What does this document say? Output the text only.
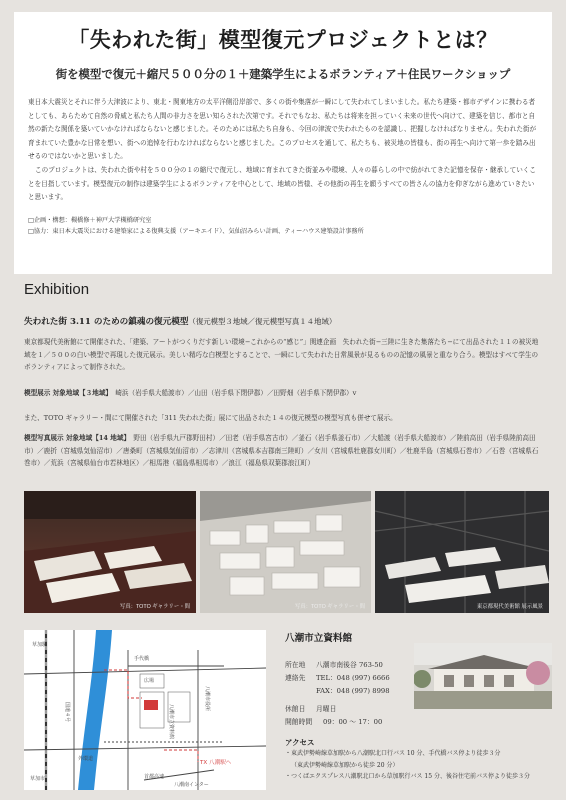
「失われた街」模型復元プロジェクトとは？
街を模型で復元＋縮尺５００分の１＋建築学生によるボランティア＋住民ワークショップ

東日本大震災とそれに伴う大津波により、東北・関東地方の太平洋側沿岸部で、多くの街や集落が一瞬にして失われてしまいました。私たち建築・都市デザインに携わる者としても、あらためて自然の脅威と私たち人間の非力さを思い知らされた次第です。それでもなお、私たちは将来を担っていく未来の世代へ向けて、建築を信じ、都市と自然の新たな関係を築いていかなければならないと感じました。そのためには私たち自身も、今回の津波で失われたものを認識し、把握しなければなりません。失われた街が育まれていた豊かな日常を想い、街への追悼を行わなければならないと感じました。このプロセスを通して、私たちも、被災地の皆様も、街の再生へ向けて第一歩を踏み出せるのではないかと思いました。

このプロジェクトは、失われた街や村を５００分の１の縮尺で復元し、地域に育まれてきた街並みや環境、人々の暮らしの中で紡がれてきた記憶を保存・継承していくことを目指しています。模型復元の制作は建築学生によるボランティアを中心として、地域の皆様、その他街の再生を願うすべての皆さんの協力を仰ぎながら進めていきたいと思います。

□企画・構想：槻橋修＋神戸大学槻橋研究室
□協力：東日本大震災における建築家による復興支援（アーキエイド）、気仙沼みらい計画、ティーハウス建築設計事務所
Exhibition
失われた街 3.11 のための鎮魂の復元模型（復元模型３地域／復元模型写真１４地域）

東京都現代美術館にて開催された、「建築、アートがつくりだす新しい環境−これからの“感じ”」関連企画　失われた街−三陸に生きた集落たち−にて出品された１１の被災地域を１／５００の白い模型で再現した復元展示。美しい精巧な白模型とすることで、一瞬にして失われた日常風景が見るものの記憶の風景と重なり合う。模型はすべて学生のボランティアによって制作された。

模型展示 対象地域【３地域】　 崎浜（岩手県大船渡市）／山田（岩手県下閉伊郡）／田野畑（岩手県下閉伊郡）v

また、TOTO ギャラリー・間にて開催された「311 失われた街」展にて出品された１４の復元模型の模型写真も併せて展示。

模型写真展示 対象地域【14 地域】　 野田（岩手県九戸郡野田村）／田老（岩手県宮古市）／釜石（岩手県釜石市）／大船渡（岩手県大船渡市）／陸前高田（岩手県陸前高田市）／鹿折（宮城県気仙沼市）／唐桑町（宮城県気仙沼市）／志津川（宮城県本吉郡南三陸町）／女川（宮城県牡鹿郡女川町）／牡鹿半島（宮城県石巻市）／石巻（宮城県石巻市）／荒浜（宮城県仙台市若林地区）／相馬港（福島県相馬市）／浪江（福島県双葉郡浪江町）

写真：TOTO ギャラリー・間	写真：TOTO ギャラリー・間	東京都現代美術館 展示風景
草加駅
草加市
外環道
国道４号
広場
手代橋
八潮市立資料館
TX 八潮駅へ
首都高速
八潮南インター
八潮市役所
八潮市立資料館
所在地	八潮市南後谷 763-50
連絡先	TEL：048 (997) 6666
FAX：048 (997) 8998
休館日	月曜日
開館時間	09：00 〜 17：00
アクセス
・東武伊勢崎線草加駅から八潮駅北口行バス 10 分、手代橋バス停より徒歩３分
（東武伊勢崎線草加駅から徒歩 20 分）
・つくばエクスプレス八潮駅北口から草加駅行バス 15 分、後谷住宅前バス停より徒歩３分
